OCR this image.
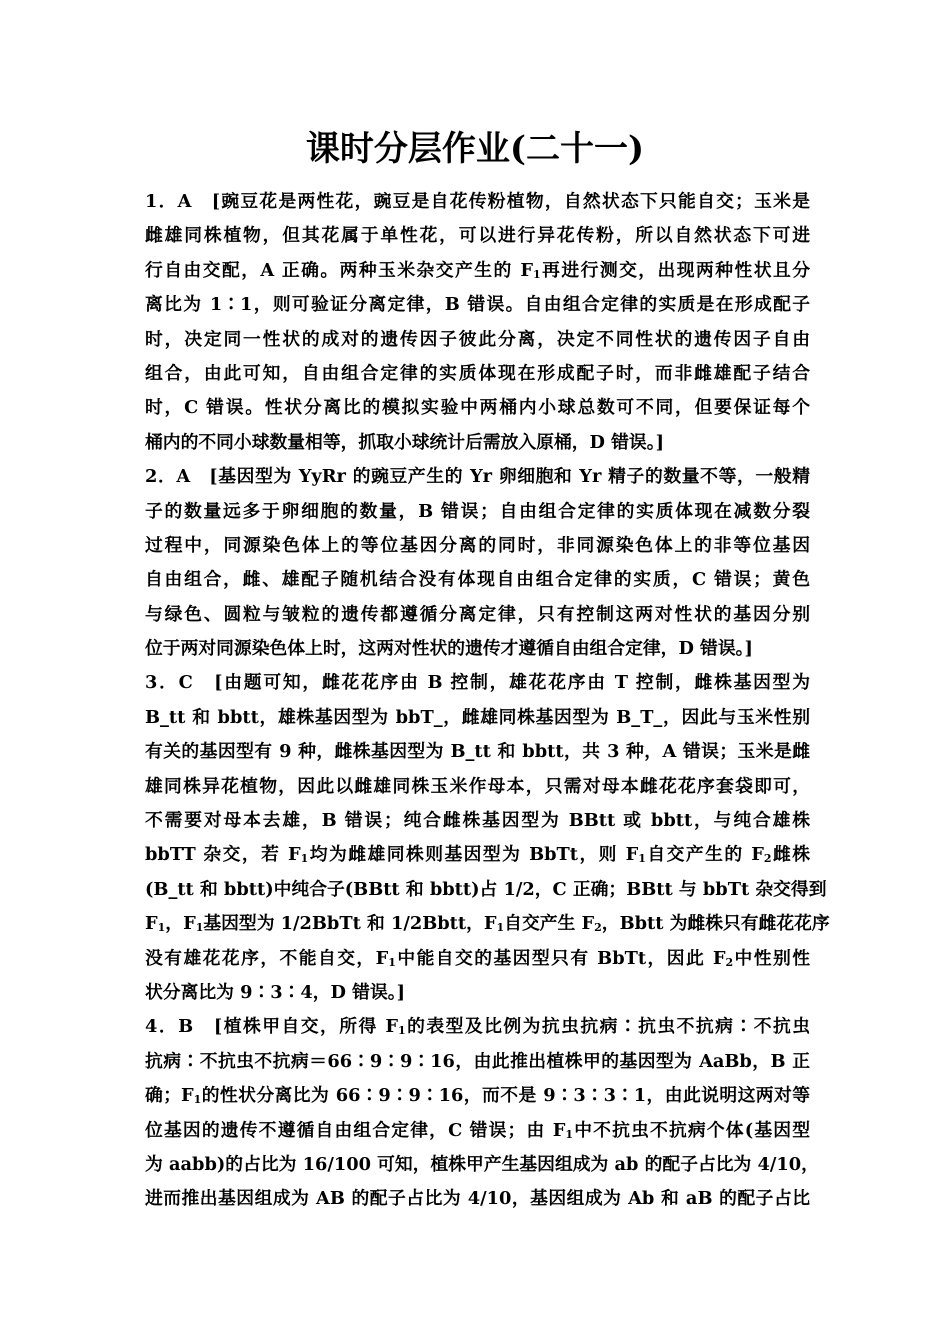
课时分层作业(二十一)
1．A　[豌豆花是两性花，豌豆是自花传粉植物，自然状态下只能自交；玉米是
雌雄同株植物，但其花属于单性花，可以进行异花传粉，所以自然状态下可进
行自由交配，A 正确。两种玉米杂交产生的 $F_1$再进行测交，出现两种性状且分
离比为 1∶1，则可验证分离定律，B 错误。自由组合定律的实质是在形成配子
时，决定同一性状的成对的遗传因子彼此分离，决定不同性状的遗传因子自由
组合，由此可知，自由组合定律的实质体现在形成配子时，而非雌雄配子结合
时，C 错误。性状分离比的模拟实验中两桶内小球总数可不同，但要保证每个
桶内的不同小球数量相等，抓取小球统计后需放入原桶，D 错误。]
2．A　[基因型为 YyRr 的豌豆产生的 Yr 卵细胞和 Yr 精子的数量不等，一般精
子的数量远多于卵细胞的数量，B 错误；自由组合定律的实质体现在减数分裂
过程中，同源染色体上的等位基因分离的同时，非同源染色体上的非等位基因
自由组合，雌、雄配子随机结合没有体现自由组合定律的实质，C 错误；黄色
与绿色、圆粒与皱粒的遗传都遵循分离定律，只有控制这两对性状的基因分别
位于两对同源染色体上时，这两对性状的遗传才遵循自由组合定律，D 错误。]
3．C　[由题可知，雌花花序由 B 控制，雄花花序由 T 控制，雌株基因型为
B_tt 和 bbtt，雄株基因型为 bbT_，雌雄同株基因型为 B_T_，因此与玉米性别
有关的基因型有 9 种，雌株基因型为 B_tt 和 bbtt，共 3 种，A 错误；玉米是雌
雄同株异花植物，因此以雌雄同株玉米作母本，只需对母本雌花花序套袋即可，
不需要对母本去雄，B 错误；纯合雌株基因型为 BBtt 或 bbtt，与纯合雄株
bbTT 杂交，若 $F_1$均为雌雄同株则基因型为 BbTt，则 $F_1$自交产生的 $F_2$雌株
(B_tt 和 bbtt)中纯合子(BBtt 和 bbtt)占 1/2，C 正确；BBtt 与 bbTt 杂交得到
$F_1$，$F_1$基因型为 1/2BbTt 和 1/2Bbtt，$F_1$自交产生 $F_2$，Bbtt 为雌株只有雌花花序
没有雄花花序，不能自交，$F_1$中能自交的基因型只有 BbTt，因此 $F_2$中性别性
状分离比为 9∶3∶4，D 错误。]
4．B　[植株甲自交，所得 $F_1$的表型及比例为抗虫抗病∶抗虫不抗病∶不抗虫
抗病∶不抗虫不抗病＝66∶9∶9∶16，由此推出植株甲的基因型为 AaBb，B 正
确；$F_1$的性状分离比为 66∶9∶9∶16，而不是 9∶3∶3∶1，由此说明这两对等
位基因的遗传不遵循自由组合定律，C 错误；由 $F_1$中不抗虫不抗病个体(基因型
为 aabb)的占比为 16/100 可知，植株甲产生基因组成为 ab 的配子占比为 4/10，
进而推出基因组成为 AB 的配子占比为 4/10，基因组成为 Ab 和 aB 的配子占比
